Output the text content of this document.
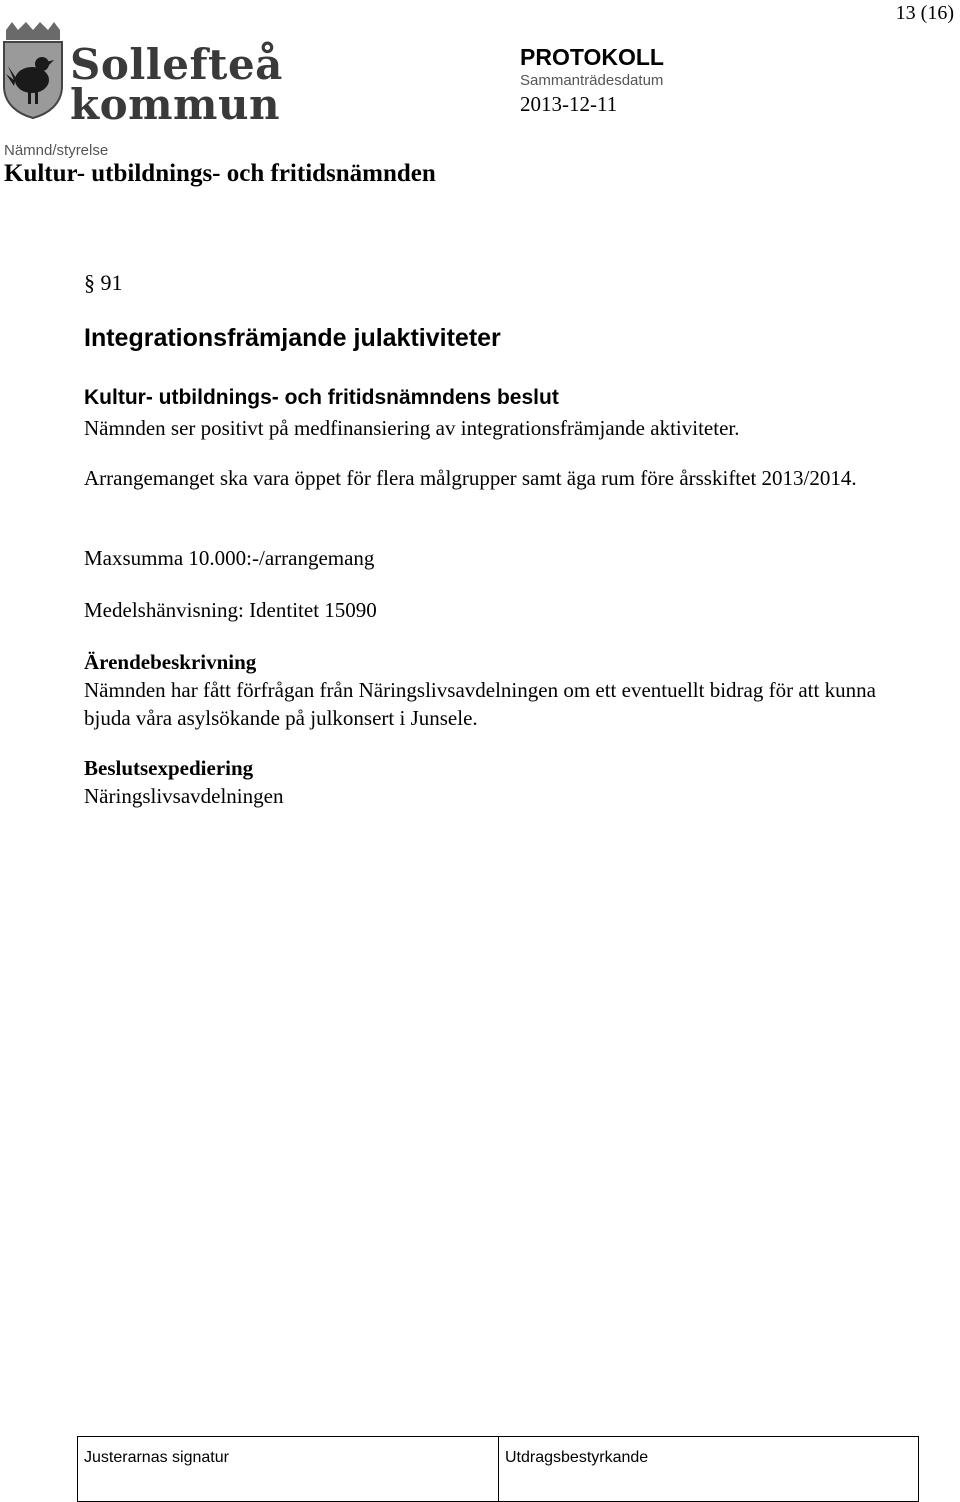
13 (16)
Sollefteå
kommun
PROTOKOLL
Sammanträdesdatum
2013-12-11
Nämnd/styrelse
Kultur- utbildnings- och fritidsnämnden
§ 91
Integrationsfrämjande julaktiviteter
Kultur- utbildnings- och fritidsnämndens beslut
Nämnden ser positivt på medfinansiering av integrationsfrämjande aktiviteter.
Arrangemanget ska vara öppet för flera målgrupper samt äga rum före årsskiftet 2013/2014.
Maxsumma 10.000:-/arrangemang
Medelshänvisning: Identitet 15090
Ärendebeskrivning
Nämnden har fått förfrågan från Näringslivsavdelningen om ett eventuellt bidrag för att kunna bjuda våra asylsökande på julkonsert i Junsele.
Beslutsexpediering
Näringslivsavdelningen
Justerarnas signatur	Utdragsbestyrkande
